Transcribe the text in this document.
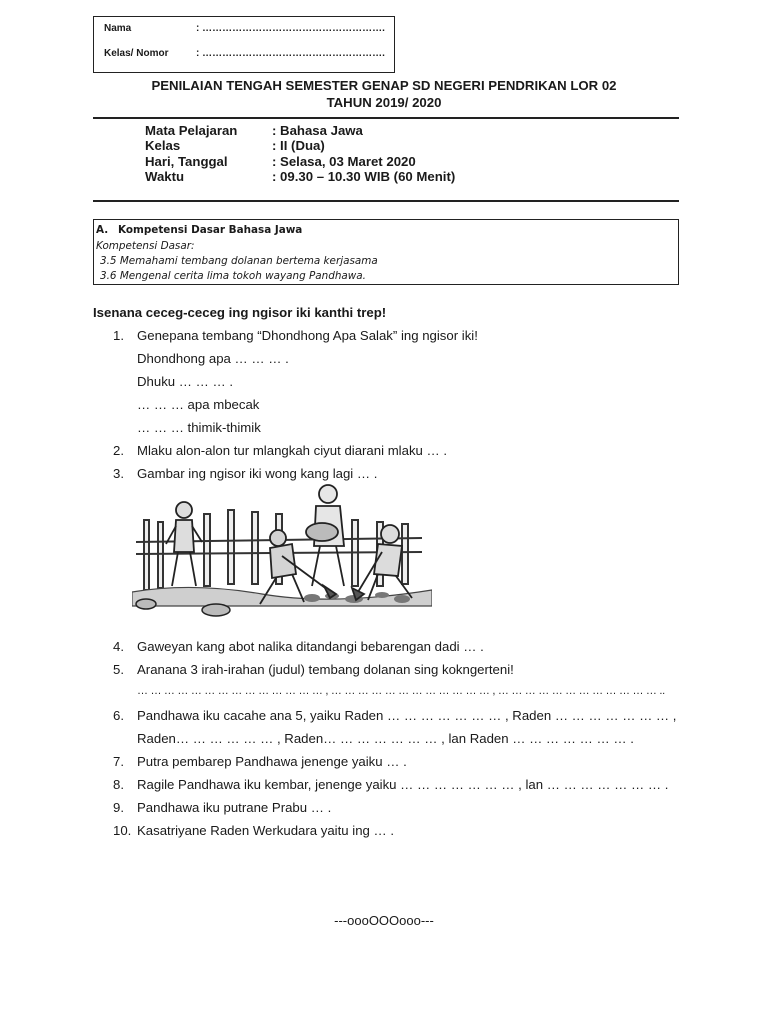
Nama	: ……………………………………………….
Kelas/ Nomor	: ……………………………………………….
PENILAIAN TENGAH SEMESTER GENAP SD NEGERI PENDRIKAN LOR 02
TAHUN 2019/ 2020
Mata Pelajaran	: Bahasa Jawa
Kelas	: II (Dua)
Hari, Tanggal	: Selasa, 03 Maret 2020
Waktu	: 09.30 – 10.30 WIB (60 Menit)
A. Kompetensi Dasar Bahasa Jawa
Kompetensi Dasar:
3.5 Memahami tembang dolanan bertema kerjasama
3.6 Mengenal cerita lima tokoh wayang Pandhawa.
Isenana ceceg-ceceg ing ngisor iki kanthi trep!
1. Genepana tembang “Dhondhong Apa Salak” ing ngisor iki!
Dhondhong apa … … … .
Dhuku … … … .
… … … apa mbecak
… … … thimik-thimik
2. Mlaku alon-alon tur mlangkah ciyut diarani mlaku … .
3. Gambar ing ngisor iki wong kang lagi … .
4. Gaweyan kang abot nalika ditandangi bebarengan dadi … .
5. Aranana 3 irah-irahan (judul) tembang dolanan sing kokngerteni!
… … … … … … … … … … … … … … , … … … … … … … … … … … … , … … … … … … … … … … … … ..
6. Pandhawa iku cacahe ana 5, yaiku Raden … … … … … … … , Raden … … … … … … … ,
Raden… … … … … … , Raden… … … … … … … , lan Raden … … … … … … … .
7. Putra pembarep Pandhawa jenenge yaiku … .
8. Ragile Pandhawa iku kembar, jenenge yaiku … … … … … … … , lan … … … … … … … .
9. Pandhawa iku putrane Prabu … .
10. Kasatriyane Raden Werkudara yaitu ing … .
---oooOOOooo---
